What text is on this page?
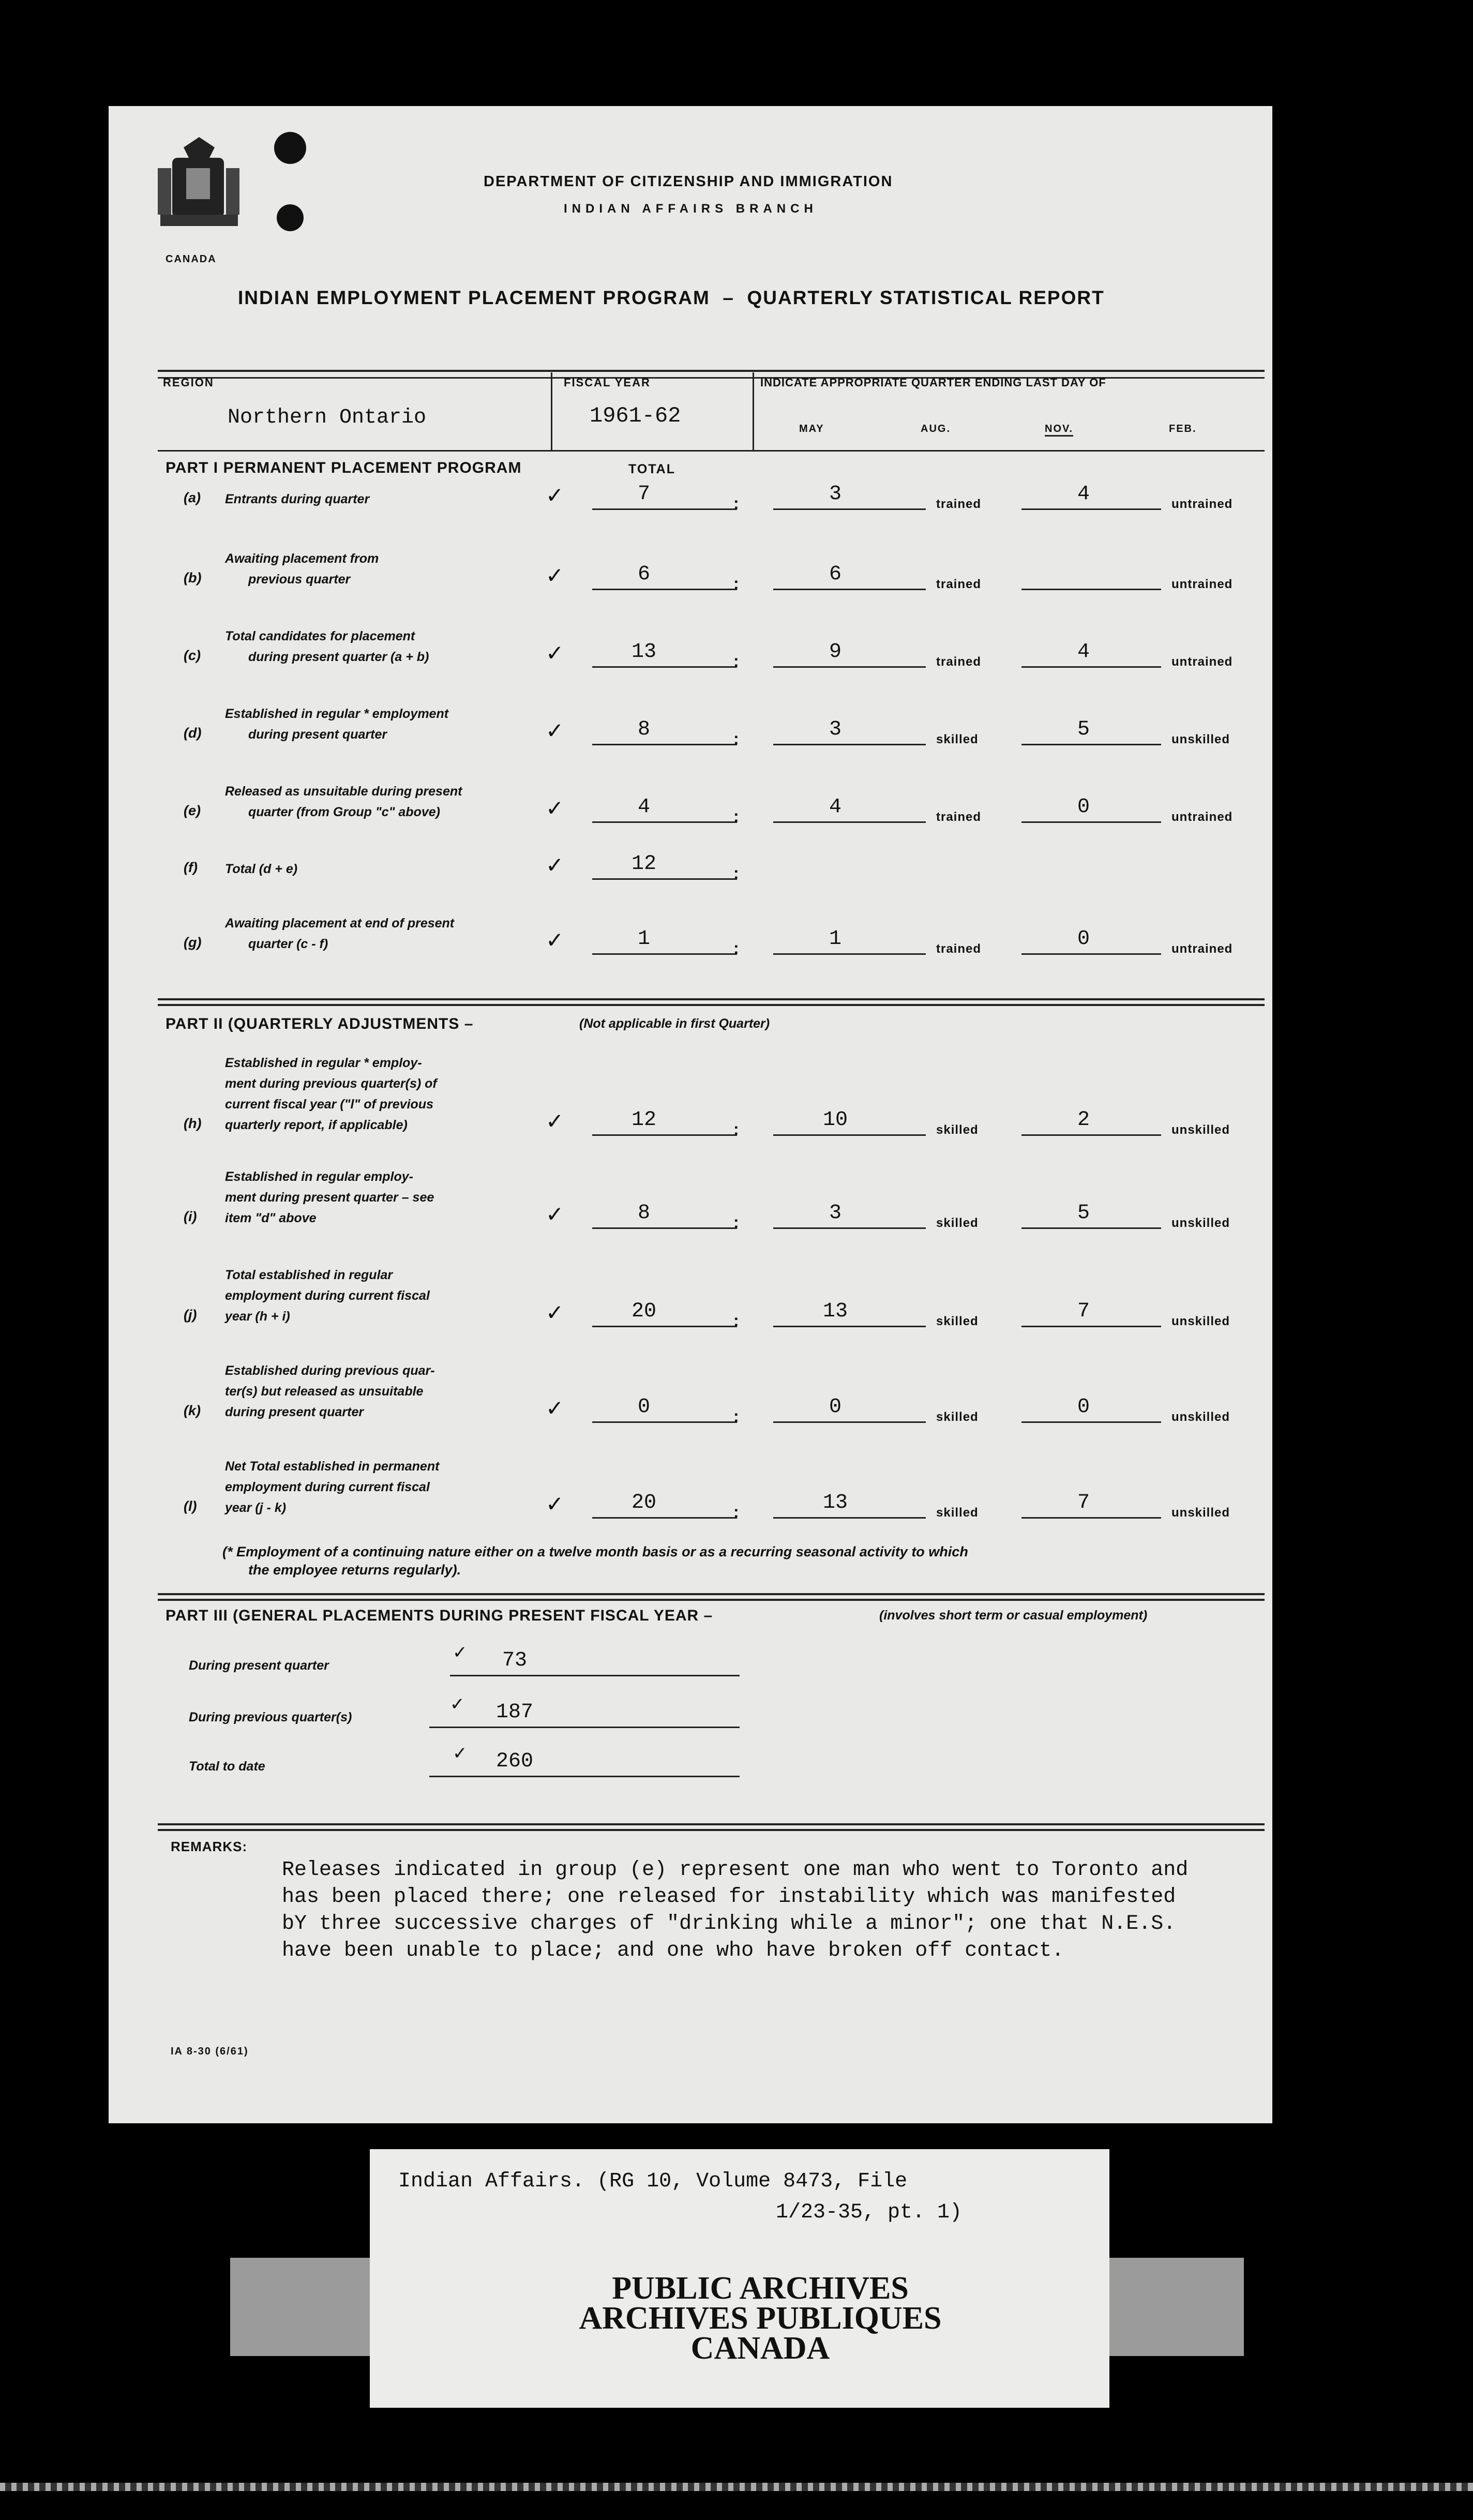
CANADA
DEPARTMENT OF CITIZENSHIP AND IMMIGRATION
INDIAN AFFAIRS BRANCH
INDIAN EMPLOYMENT PLACEMENT PROGRAM  –  QUARTERLY STATISTICAL REPORT
REGION
Northern Ontario
FISCAL YEAR
1961-62
INDICATE APPROPRIATE QUARTER ENDING LAST DAY OF
MAY	AUG.	NOV.	FEB.
PART I PERMANENT PLACEMENT PROGRAM	TOTAL
(a) Entrants during quarter	✓	7	:	3	trained	4	untrained
(b)
Awaiting placement from
previous quarter	✓	6	:	6	trained	untrained
(c)
Total candidates for placement
during present quarter (a + b)	✓	13	:	9	trained	4	untrained
(d)
Established in regular * employment
during present quarter	✓	8	:	3	skilled	5	unskilled
(e)
Released as unsuitable during present
quarter (from Group "c" above)	✓	4	:	4	trained	0	untrained
(f) Total (d + e)	✓	12	:
(g)
Awaiting placement at end of present
quarter (c - f)	✓	1	:	1	trained	0	untrained
PART II (QUARTERLY ADJUSTMENTS –	(Not applicable in first Quarter)
(h)
Established in regular * employ-
ment during previous quarter(s) of
current fiscal year ("l" of previous
quarterly report, if applicable)	✓	12	:	10	skilled	2	unskilled
(i)
Established in regular employ-
ment during present quarter – see
item "d" above	✓	8	:	3	skilled	5	unskilled
(j)
Total established in regular
employment during current fiscal
year (h + i)	✓	20	:	13	skilled	7	unskilled
(k)
Established during previous quar-
ter(s) but released as unsuitable
during present quarter	✓	0	:	0	skilled	0	unskilled
(l)
Net Total established in permanent
employment during current fiscal
year (j - k)	✓	20	:	13	skilled	7	unskilled
(* Employment of a continuing nature either on a twelve month basis or as a recurring seasonal activity to which
the employee returns regularly).
PART III (GENERAL PLACEMENTS DURING PRESENT FISCAL YEAR –	(involves short term or casual employment)
During present quarter
✓	73
During previous quarter(s)
✓	187
Total to date
✓	260
REMARKS:
Releases indicated in group (e) represent one man who went to Toronto and
has been placed there; one released for instability which was manifested
bY three successive charges of "drinking while a minor"; one that N.E.S.
have been unable to place; and one who have broken off contact.
IA 8-30 (6/61)
Indian Affairs. (RG 10, Volume 8473, File
1/23-35, pt. 1)
PUBLIC ARCHIVES
ARCHIVES PUBLIQUES
CANADA
